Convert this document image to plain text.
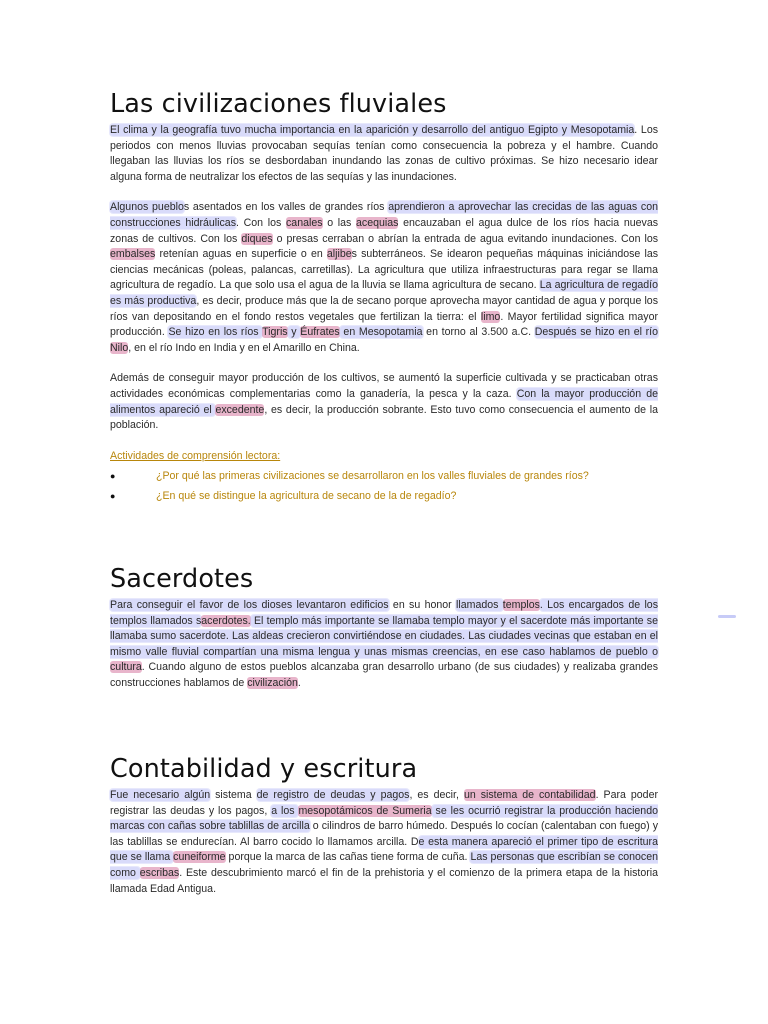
Las civilizaciones fluviales

El clima y la geografía tuvo mucha importancia en la aparición y desarrollo del antiguo Egipto y Mesopotamia. Los periodos con menos lluvias provocaban sequías tenían como consecuencia la pobreza y el hambre. Cuando llegaban las lluvias los ríos se desbordaban inundando las zonas de cultivo próximas. Se hizo necesario idear alguna forma de neutralizar los efectos de las sequías y las inundaciones.

Algunos pueblos asentados en los valles de grandes ríos aprendieron a aprovechar las crecidas de las aguas con construcciones hidráulicas. Con los canales o las acequias encauzaban el agua dulce de los ríos hacia nuevas zonas de cultivos. Con los diques o presas cerraban o abrían la entrada de agua evitando inundaciones. Con los embalses retenían aguas en superficie o en aljibes subterráneos. Se idearon pequeñas máquinas iniciándose las ciencias mecánicas (poleas, palancas, carretillas). La agricultura que utiliza infraestructuras para regar se llama agricultura de regadío. La que solo usa el agua de la lluvia se llama agricultura de secano. La agricultura de regadío es más productiva, es decir, produce más que la de secano porque aprovecha mayor cantidad de agua y porque los ríos van depositando en el fondo restos vegetales que fertilizan la tierra: el limo. Mayor fertilidad significa mayor producción. Se hizo en los ríos Tigris y Éufrates en Mesopotamia en torno al 3.500 a.C. Después se hizo en el río Nilo, en el río Indo en India y en el Amarillo en China.

Además de conseguir mayor producción de los cultivos, se aumentó la superficie cultivada y se practicaban otras actividades económicas complementarias como la ganadería, la pesca y la caza. Con la mayor producción de alimentos apareció el excedente, es decir, la producción sobrante. Esto tuvo como consecuencia el aumento de la población.

Actividades de comprensión lectora:

●	¿Por qué las primeras civilizaciones se desarrollaron en los valles fluviales de grandes ríos?
●	¿En qué se distingue la agricultura de secano de la de regadío?
Sacerdotes

Para conseguir el favor de los dioses levantaron edificios en su honor llamados templos. Los encargados de los templos llamados sacerdotes. El templo más importante se llamaba templo mayor y el sacerdote más importante se llamaba sumo sacerdote. Las aldeas crecieron convirtiéndose en ciudades. Las ciudades vecinas que estaban en el mismo valle fluvial compartían una misma lengua y unas mismas creencias, en ese caso hablamos de pueblo o cultura. Cuando alguno de estos pueblos alcanzaba gran desarrollo urbano (de sus ciudades) y realizaba grandes construcciones hablamos de civilización.

Contabilidad y escritura

Fue necesario algún sistema de registro de deudas y pagos, es decir, un sistema de contabilidad. Para poder registrar las deudas y los pagos, a los mesopotámicos de Sumeria se les ocurrió registrar la producción haciendo marcas con cañas sobre tablillas de arcilla o cilindros de barro húmedo. Después lo cocían (calentaban con fuego) y las tablillas se endurecían. Al barro cocido lo llamamos arcilla. De esta manera apareció el primer tipo de escritura que se llama cuneiforme porque la marca de las cañas tiene forma de cuña. Las personas que escribían se conocen como escribas. Este descubrimiento marcó el fin de la prehistoria y el comienzo de la primera etapa de la historia llamada Edad Antigua.
